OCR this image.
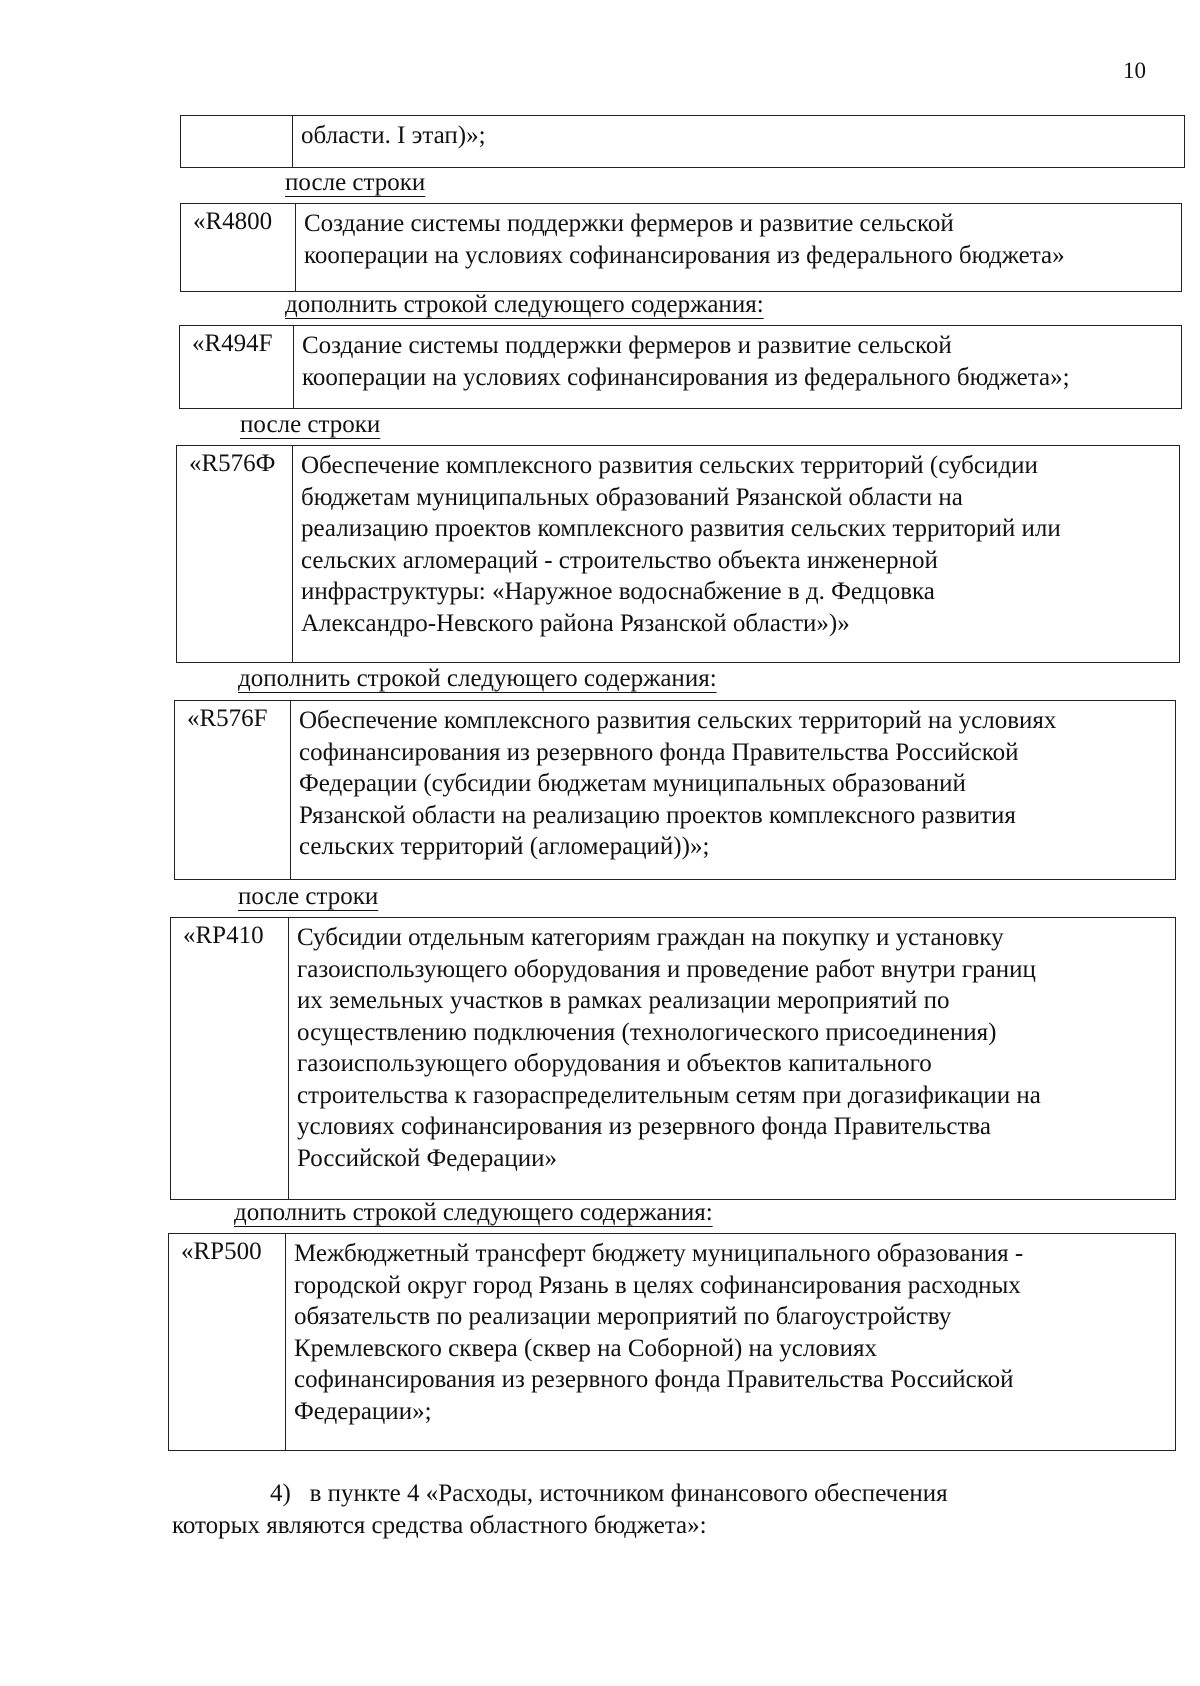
10
области. I этап)»;
после строки
«R4800	Создание системы поддержки фермеров и развитие сельской
кооперации на условиях софинансирования из федерального бюджета»
дополнить строкой следующего содержания:
«R494F	Создание системы поддержки фермеров и развитие сельской
кооперации на условиях софинансирования из федерального бюджета»;
после строки
«R576Ф	Обеспечение комплексного развития сельских территорий (субсидии
бюджетам муниципальных образований Рязанской области на
реализацию проектов комплексного развития сельских территорий или
сельских агломераций - строительство объекта инженерной
инфраструктуры: «Наружное водоснабжение в д. Федцовка
Александро-Невского района Рязанской области»)»
дополнить строкой следующего содержания:
«R576F	Обеспечение комплексного развития сельских территорий на условиях
софинансирования из резервного фонда Правительства Российской
Федерации (субсидии бюджетам муниципальных образований
Рязанской области на реализацию проектов комплексного развития
сельских территорий (агломераций))»;
после строки
«RP410	Субсидии отдельным категориям граждан на покупку и установку
газоиспользующего оборудования и проведение работ внутри границ
их земельных участков в рамках реализации мероприятий по
осуществлению подключения (технологического присоединения)
газоиспользующего оборудования и объектов капитального
строительства к газораспределительным сетям при догазификации на
условиях софинансирования из резервного фонда Правительства
Российской Федерации»
дополнить строкой следующего содержания:
«RP500	Межбюджетный трансферт бюджету муниципального образования -
городской округ город Рязань в целях софинансирования расходных
обязательств по реализации мероприятий по благоустройству
Кремлевского сквера (сквер на Соборной) на условиях
софинансирования из резервного фонда Правительства Российской
Федерации»;
4) в пункте 4 «Расходы, источником финансового обеспечения
которых являются средства областного бюджета»:
